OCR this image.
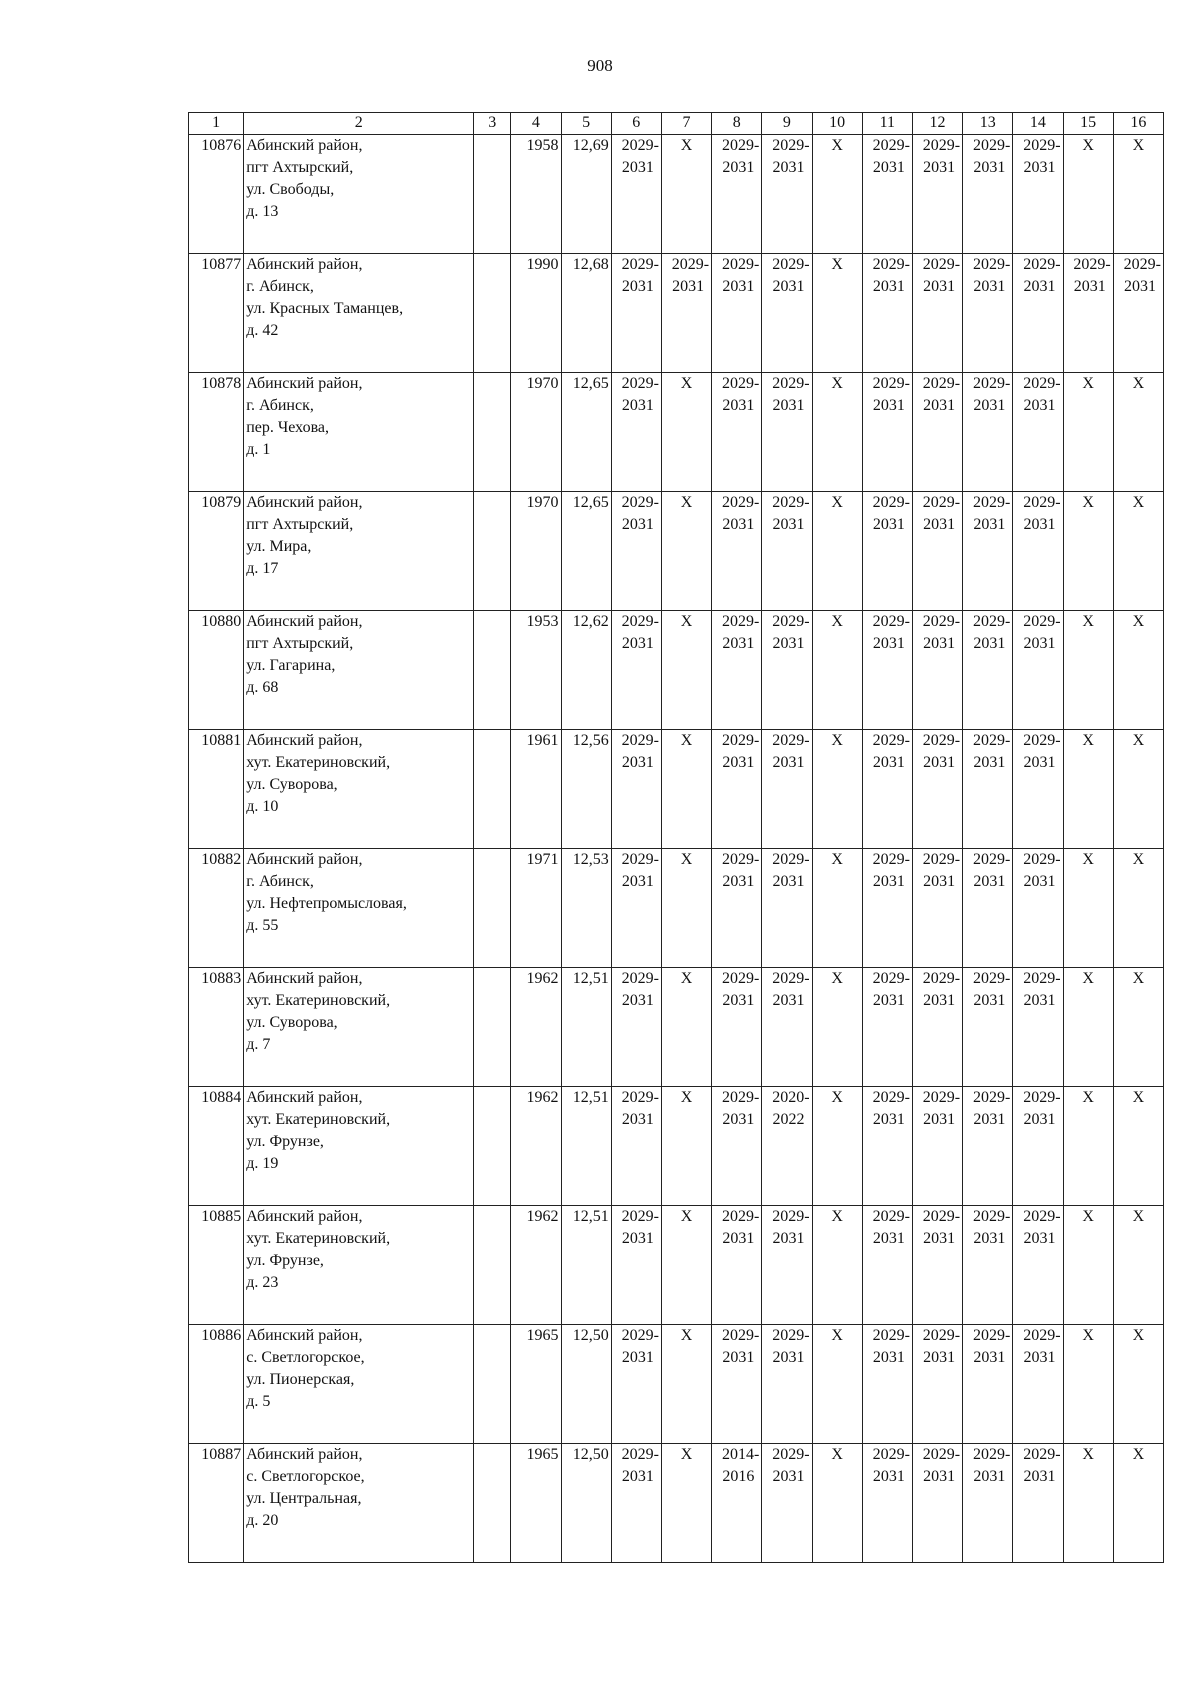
908
1	2	3	4	5	6	7	8	9	10	11	12	13	14	15	16
10876	Абинский район,
пгт Ахтырский,
ул. Свободы,
д. 13		1958	12,69	2029-
2031	X	2029-
2031	2029-
2031	X	2029-
2031	2029-
2031	2029-
2031	2029-
2031	X	X
10877	Абинский район,
г. Абинск,
ул. Красных Таманцев,
д. 42		1990	12,68	2029-
2031	2029-
2031	2029-
2031	2029-
2031	X	2029-
2031	2029-
2031	2029-
2031	2029-
2031	2029-
2031	2029-
2031

10878	Абинский район,
г. Абинск,
пер. Чехова,
д. 1		1970	12,65	2029-
2031	X	2029-
2031	2029-
2031	X	2029-
2031	2029-
2031	2029-
2031	2029-
2031	X	X
10879	Абинский район,
пгт Ахтырский,
ул. Мира,
д. 17		1970	12,65	2029-
2031	X	2029-
2031	2029-
2031	X	2029-
2031	2029-
2031	2029-
2031	2029-
2031	X	X
10880	Абинский район,
пгт Ахтырский,
ул. Гагарина,
д. 68		1953	12,62	2029-
2031	X	2029-
2031	2029-
2031	X	2029-
2031	2029-
2031	2029-
2031	2029-
2031	X	X
10881	Абинский район,
хут. Екатериновский,
ул. Суворова,
д. 10		1961	12,56	2029-
2031	X	2029-
2031	2029-
2031	X	2029-
2031	2029-
2031	2029-
2031	2029-
2031	X	X
10882	Абинский район,
г. Абинск,
ул. Нефтепромысловая,
д. 55		1971	12,53	2029-
2031	X	2029-
2031	2029-
2031	X	2029-
2031	2029-
2031	2029-
2031	2029-
2031	X	X
10883	Абинский район,
хут. Екатериновский,
ул. Суворова,
д. 7		1962	12,51	2029-
2031	X	2029-
2031	2029-
2031	X	2029-
2031	2029-
2031	2029-
2031	2029-
2031	X	X
10884	Абинский район,
хут. Екатериновский,
ул. Фрунзе,
д. 19		1962	12,51	2029-
2031	X	2029-
2031	2020-
2022	X	2029-
2031	2029-
2031	2029-
2031	2029-
2031	X	X
10885	Абинский район,
хут. Екатериновский,
ул. Фрунзе,
д. 23		1962	12,51	2029-
2031	X	2029-
2031	2029-
2031	X	2029-
2031	2029-
2031	2029-
2031	2029-
2031	X	X
10886	Абинский район,
с. Светлогорское,
ул. Пионерская,
д. 5		1965	12,50	2029-
2031	X	2029-
2031	2029-
2031	X	2029-
2031	2029-
2031	2029-
2031	2029-
2031	X	X
10887	Абинский район,
с. Светлогорское,
ул. Центральная,
д. 20		1965	12,50	2029-
2031	X	2014-
2016	2029-
2031	X	2029-
2031	2029-
2031	2029-
2031	2029-
2031	X	X
